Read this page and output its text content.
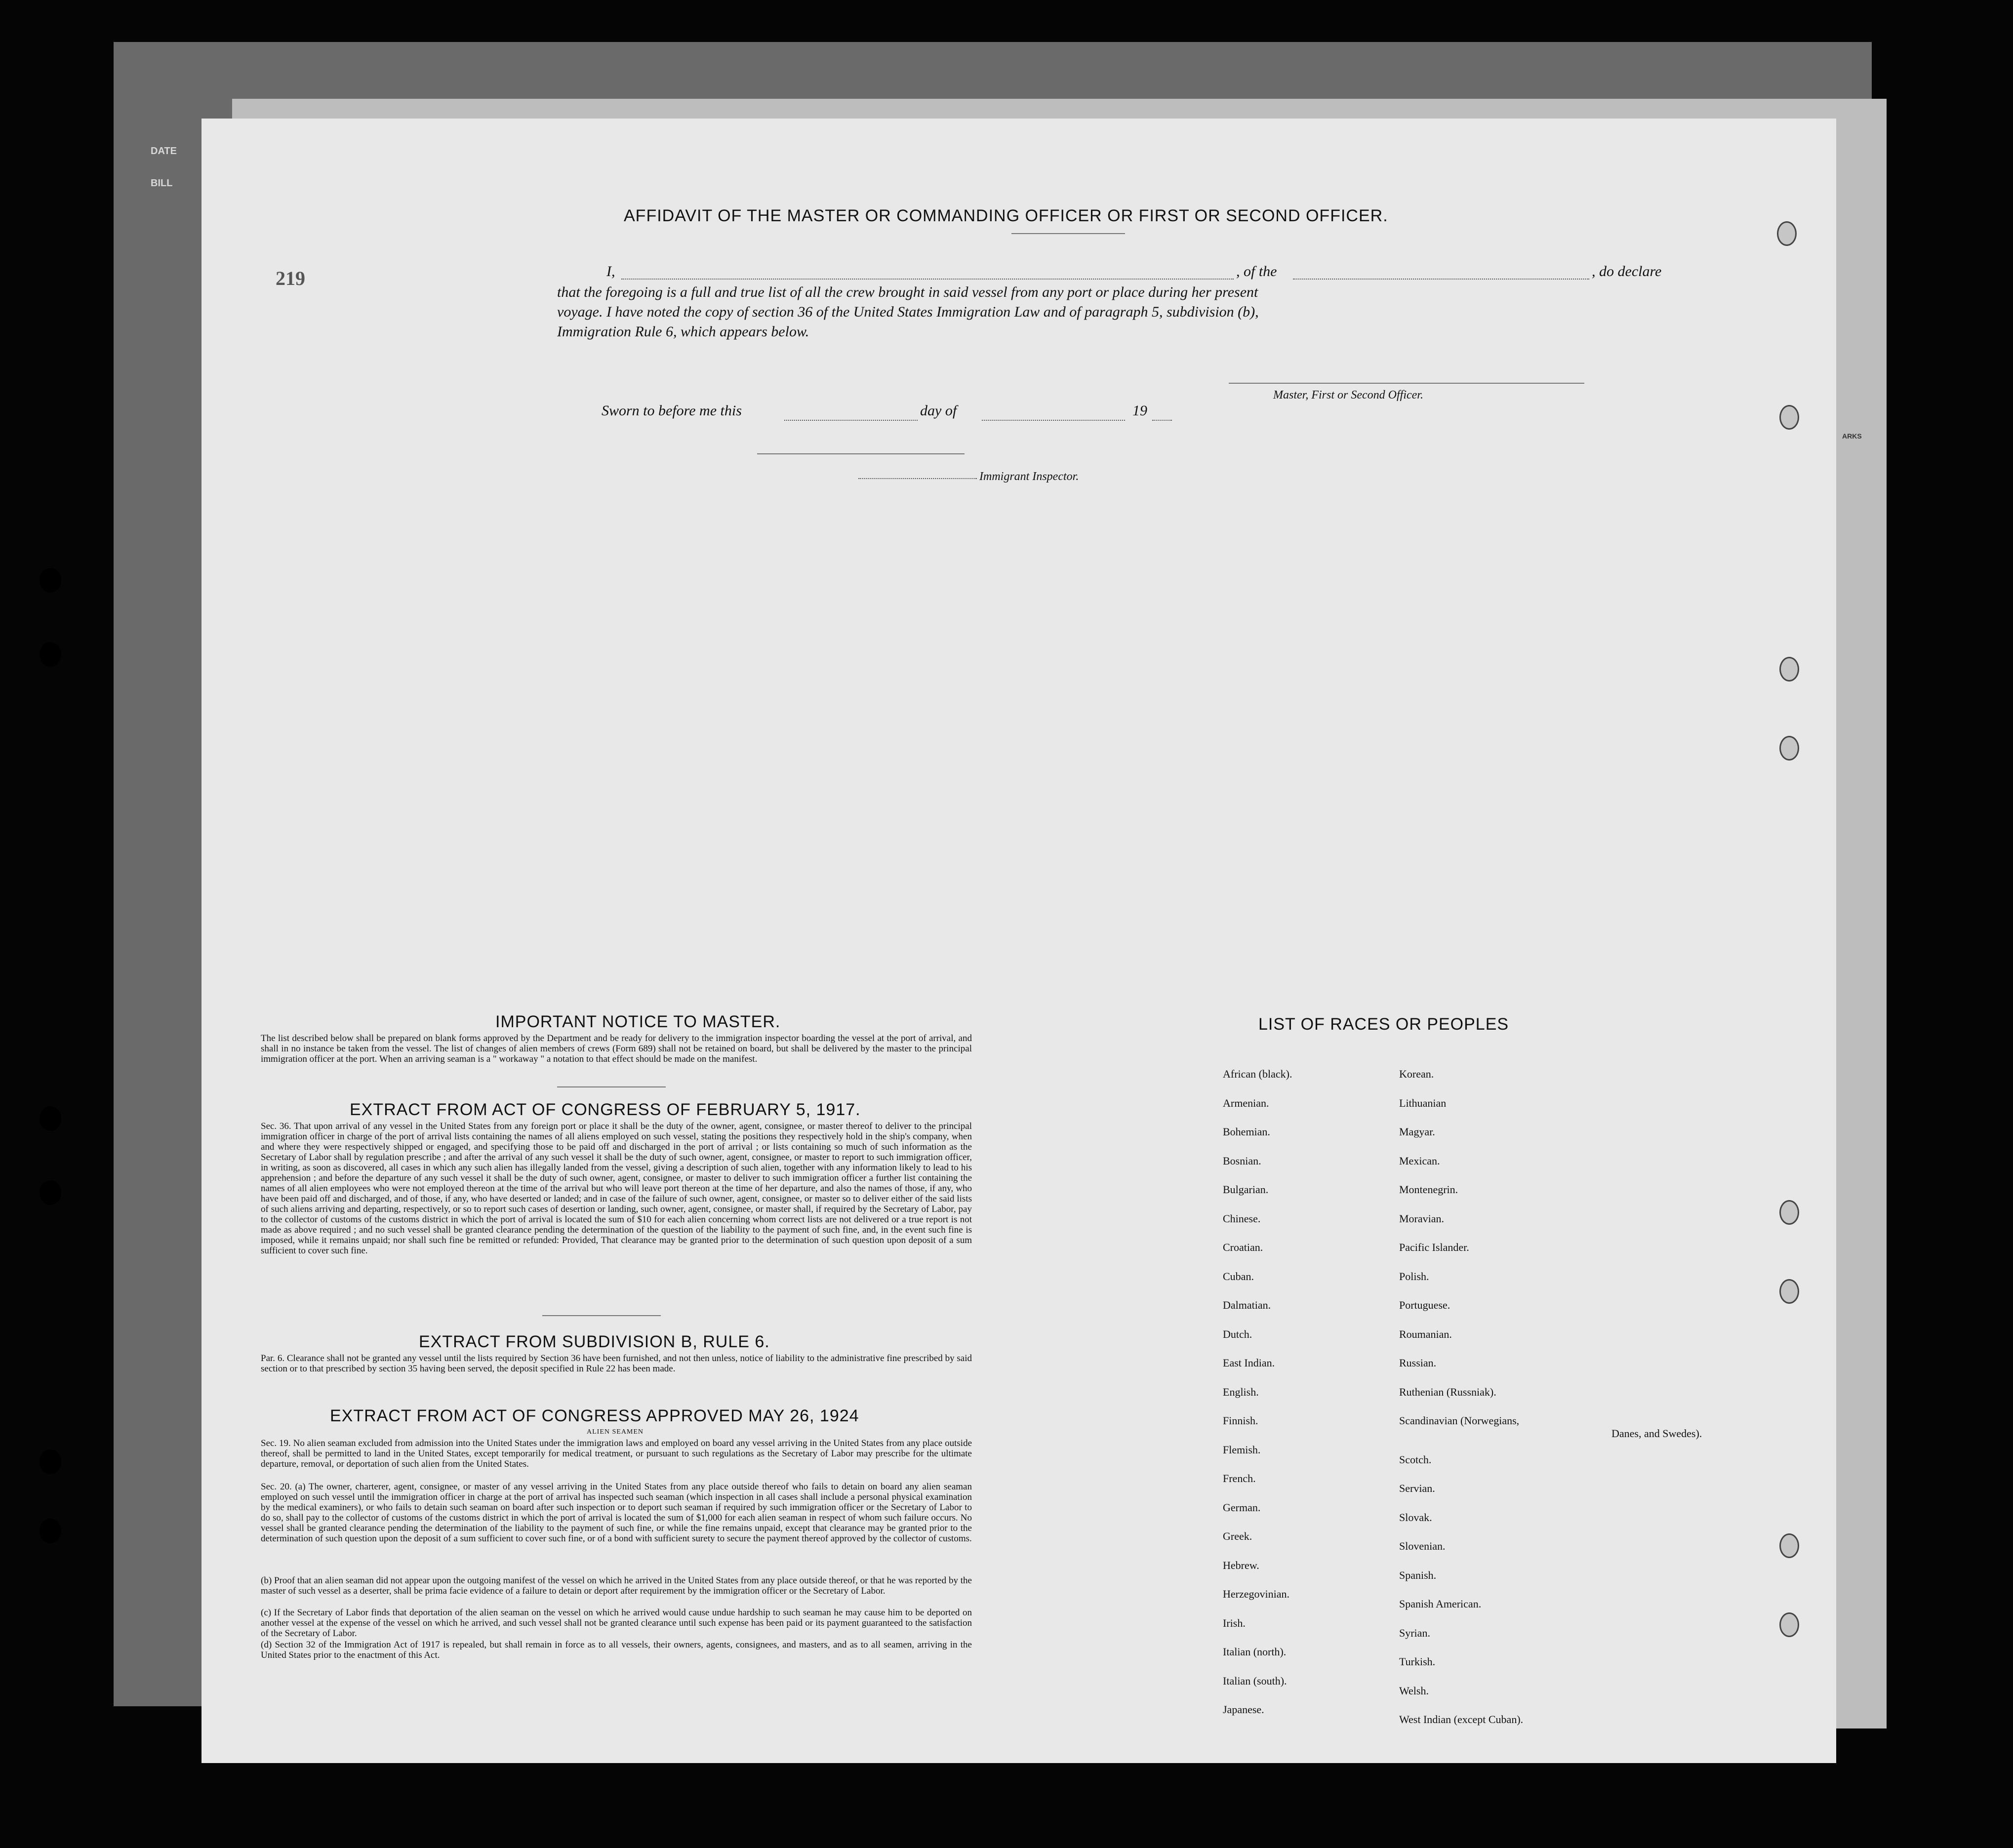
DATE
BILL
ARKS
219
AFFIDAVIT OF THE MASTER OR COMMANDING OFFICER OR FIRST OR SECOND OFFICER.
I,	, of the	, do declare
that the foregoing is a full and true list of all the crew brought in said vessel from any port or place during her present
voyage. I have noted the copy of section 36 of the United States Immigration Law and of paragraph 5, subdivision (b),
Immigration Rule 6, which appears below.
Master, First or Second Officer.
Sworn to before me this	day of	19
Immigrant Inspector.
IMPORTANT NOTICE TO MASTER.
The list described below shall be prepared on blank forms approved by the Department and be ready for delivery to the immigration inspector boarding the vessel at the port of arrival, and shall in no instance be taken from the vessel. The list of changes of alien members of crews (Form 689) shall not be retained on board, but shall be delivered by the master to the principal immigration officer at the port. When an arriving seaman is a " workaway " a notation to that effect should be made on the manifest.
EXTRACT FROM ACT OF CONGRESS OF FEBRUARY 5, 1917.
Sec. 36. That upon arrival of any vessel in the United States from any foreign port or place it shall be the duty of the owner, agent, consignee, or master thereof to deliver to the principal immigration officer in charge of the port of arrival lists containing the names of all aliens employed on such vessel, stating the positions they respectively hold in the ship's company, when and where they were respectively shipped or engaged, and specifying those to be paid off and discharged in the port of arrival ; or lists containing so much of such information as the Secretary of Labor shall by regulation prescribe ; and after the arrival of any such vessel it shall be the duty of such owner, agent, consignee, or master to report to such immigration officer, in writing, as soon as discovered, all cases in which any such alien has illegally landed from the vessel, giving a description of such alien, together with any information likely to lead to his apprehension ; and before the departure of any such vessel it shall be the duty of such owner, agent, consignee, or master to deliver to such immigration officer a further list containing the names of all alien employees who were not employed thereon at the time of the arrival but who will leave port thereon at the time of her departure, and also the names of those, if any, who have been paid off and discharged, and of those, if any, who have deserted or landed; and in case of the failure of such owner, agent, consignee, or master so to deliver either of the said lists of such aliens arriving and departing, respectively, or so to report such cases of desertion or landing, such owner, agent, consignee, or master shall, if required by the Secretary of Labor, pay to the collector of customs of the customs district in which the port of arrival is located the sum of $10 for each alien concerning whom correct lists are not delivered or a true report is not made as above required ; and no such vessel shall be granted clearance pending the determination of the question of the liability to the payment of such fine, and, in the event such fine is imposed, while it remains unpaid; nor shall such fine be remitted or refunded: Provided, That clearance may be granted prior to the determination of such question upon deposit of a sum sufficient to cover such fine.
EXTRACT FROM SUBDIVISION B, RULE 6.
Par. 6. Clearance shall not be granted any vessel until the lists required by Section 36 have been furnished, and not then unless, notice of liability to the administrative fine prescribed by said section or to that prescribed by section 35 having been served, the deposit specified in Rule 22 has been made.
EXTRACT FROM ACT OF CONGRESS APPROVED MAY 26, 1924
ALIEN SEAMEN
Sec. 19. No alien seaman excluded from admission into the United States under the immigration laws and employed on board any vessel arriving in the United States from any place outside thereof, shall be permitted to land in the United States, except temporarily for medical treatment, or pursuant to such regulations as the Secretary of Labor may prescribe for the ultimate departure, removal, or deportation of such alien from the United States.
Sec. 20. (a) The owner, charterer, agent, consignee, or master of any vessel arriving in the United States from any place outside thereof who fails to detain on board any alien seaman employed on such vessel until the immigration officer in charge at the port of arrival has inspected such seaman (which inspection in all cases shall include a personal physical examination by the medical examiners), or who fails to detain such seaman on board after such inspection or to deport such seaman if required by such immigration officer or the Secretary of Labor to do so, shall pay to the collector of customs of the customs district in which the port of arrival is located the sum of $1,000 for each alien seaman in respect of whom such failure occurs. No vessel shall be granted clearance pending the determination of the liability to the payment of such fine, or while the fine remains unpaid, except that clearance may be granted prior to the determination of such question upon the deposit of a sum sufficient to cover such fine, or of a bond with sufficient surety to secure the payment thereof approved by the collector of customs.
(b) Proof that an alien seaman did not appear upon the outgoing manifest of the vessel on which he arrived in the United States from any place outside thereof, or that he was reported by the master of such vessel as a deserter, shall be prima facie evidence of a failure to detain or deport after requirement by the immigration officer or the Secretary of Labor.
(c) If the Secretary of Labor finds that deportation of the alien seaman on the vessel on which he arrived would cause undue hardship to such seaman he may cause him to be deported on another vessel at the expense of the vessel on which he arrived, and such vessel shall not be granted clearance until such expense has been paid or its payment guaranteed to the satisfaction of the Secretary of Labor.
(d) Section 32 of the Immigration Act of 1917 is repealed, but shall remain in force as to all vessels, their owners, agents, consignees, and masters, and as to all seamen, arriving in the United States prior to the enactment of this Act.
LIST OF RACES OR PEOPLES
Danes, and Swedes).
African (black).
Armenian.
Bohemian.
Bosnian.
Bulgarian.
Chinese.
Croatian.
Cuban.
Dalmatian.
Dutch.
East Indian.
English.
Finnish.
Flemish.
French.
German.
Greek.
Hebrew.
Herzegovinian.
Irish.
Italian (north).
Italian (south).
Japanese.
Korean.
Lithuanian
Magyar.
Mexican.
Montenegrin.
Moravian.
Pacific Islander.
Polish.
Portuguese.
Roumanian.
Russian.
Ruthenian (Russniak).
Scandinavian (Norwegians,
Scotch.
Servian.
Slovak.
Slovenian.
Spanish.
Spanish American.
Syrian.
Turkish.
Welsh.
West Indian (except Cuban).
